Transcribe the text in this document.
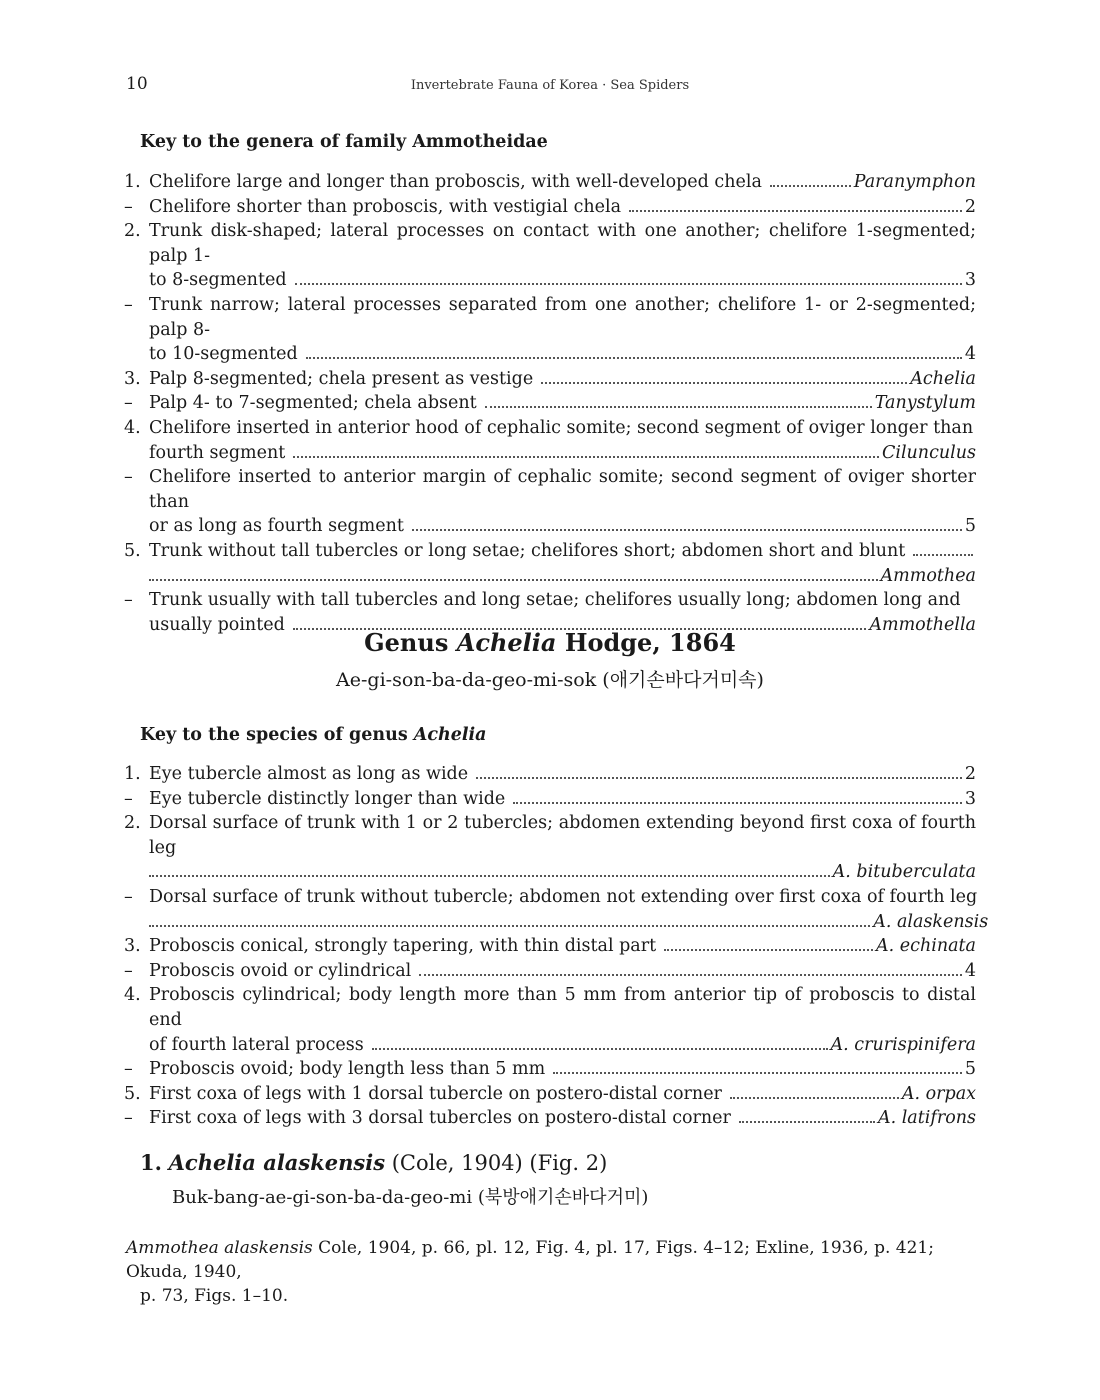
10	Invertebrate Fauna of Korea · Sea Spiders
Key to the genera of family Ammotheidae
1. Chelifore large and longer than proboscis, with well-developed chela	Paranymphon
– Chelifore shorter than proboscis, with vestigial chela	2
2. Trunk disk-shaped; lateral processes on contact with one another; chelifore 1-segmented; palp 1-
to 8-segmented	3
– Trunk narrow; lateral processes separated from one another; chelifore 1- or 2-segmented; palp 8-
to 10-segmented	4
3. Palp 8-segmented; chela present as vestige	Achelia
– Palp 4- to 7-segmented; chela absent	Tanystylum
4. Chelifore inserted in anterior hood of cephalic somite; second segment of oviger longer than
fourth segment	Cilunculus
– Chelifore inserted to anterior margin of cephalic somite; second segment of oviger shorter than
or as long as fourth segment	5
5. Trunk without tall tubercles or long setae; chelifores short; abdomen short and blunt
Ammothea
– Trunk usually with tall tubercles and long setae; chelifores usually long; abdomen long and
usually pointed	Ammothella
Genus Achelia Hodge, 1864
Ae-gi-son-ba-da-geo-mi-sok (애기손바다거미속)
Key to the species of genus Achelia
1. Eye tubercle almost as long as wide	2
– Eye tubercle distinctly longer than wide	3
2. Dorsal surface of trunk with 1 or 2 tubercles; abdomen extending beyond first coxa of fourth leg
A. bituberculata
– Dorsal surface of trunk without tubercle; abdomen not extending over first coxa of fourth leg
A. alaskensis
3. Proboscis conical, strongly tapering, with thin distal part	A. echinata
– Proboscis ovoid or cylindrical	4
4. Proboscis cylindrical; body length more than 5 mm from anterior tip of proboscis to distal end
of fourth lateral process	A. crurispinifera
– Proboscis ovoid; body length less than 5 mm	5
5. First coxa of legs with 1 dorsal tubercle on postero-distal corner	A. orpax
– First coxa of legs with 3 dorsal tubercles on postero-distal corner	A. latifrons
1. Achelia alaskensis (Cole, 1904) (Fig. 2)
Buk-bang-ae-gi-son-ba-da-geo-mi (북방애기손바다거미)
Ammothea alaskensis Cole, 1904, p. 66, pl. 12, Fig. 4, pl. 17, Figs. 4–12; Exline, 1936, p. 421; Okuda, 1940,
p. 73, Figs. 1–10.
